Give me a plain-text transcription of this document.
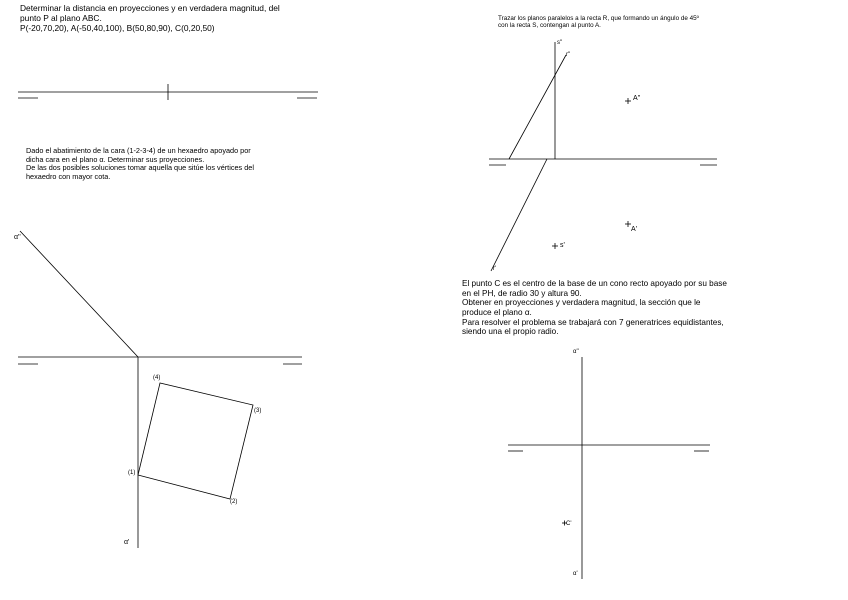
Determinar la distancia en proyecciones y en verdadera magnitud, del
punto P al plano ABC.
P(-20,70,20), A(-50,40,100), B(50,80,90), C(0,20,50)
Trazar los planos paralelos a la recta R, que formando un ángulo de 45º
con la recta S, contengan al punto A.
Dado el abatimiento de la cara (1-2-3-4) de un hexaedro apoyado por
dicha cara en el plano α. Determinar sus proyecciones.
De las dos posibles soluciones tomar aquella que sitúe los vértices del
hexaedro con mayor cota.
El punto C es el centro de la base de un cono recto apoyado por su base
en el PH, de radio 30 y altura 90.
Obtener en proyecciones y verdadera magnitud, la sección que le
produce el plano α.
Para resolver el problema se trabajará con 7 generatrices equidistantes,
siendo una el propio radio.
s''
r''
A''
A'
s'
r'
α''
α'
(1)
(2)
(3)
(4)
α''
α'
C'
